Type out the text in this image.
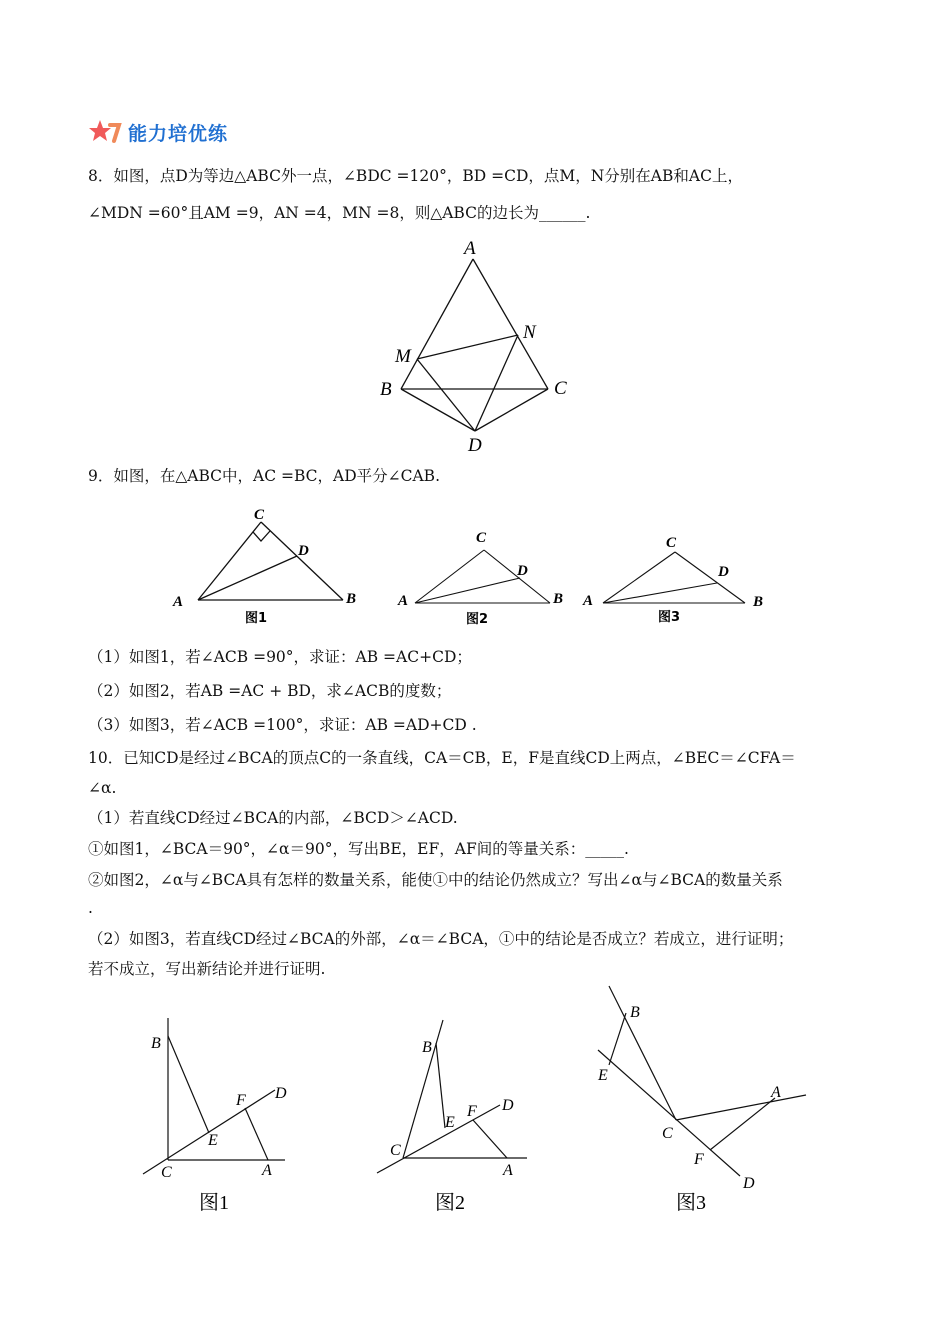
能力培优练
8．如图，点D为等边△ABC外一点，∠BDC =120°，BD =CD，点M，N分别在AB和AC上，
∠MDN =60°且AM =9，AN =4，MN =8，则△ABC的边长为______.
A
B	C
D
M
N
9．如图，在△ABC中，AC =BC，AD平分∠CAB.
C
D
A	B
图1
C
D
A	B
图2
C
D
A	B
图3
（1）如图1，若∠ACB =90°，求证：AB =AC+CD；
（2）如图2，若AB =AC + BD，求∠ACB的度数；
（3）如图3，若∠ACB =100°，求证：AB =AD+CD .
10．已知CD是经过∠BCA的顶点C的一条直线，CA＝CB，E，F是直线CD上两点，∠BEC＝∠CFA＝
∠α.
（1）若直线CD经过∠BCA的内部，∠BCD＞∠ACD.
①如图1，∠BCA＝90°，∠α＝90°，写出BE，EF，AF间的等量关系：_____.
②如图2，∠α与∠BCA具有怎样的数量关系，能使①中的结论仍然成立？写出∠α与∠BCA的数量关系
.
（2）如图3，若直线CD经过∠BCA的外部，∠α＝∠BCA，①中的结论是否成立？若成立，进行证明；
若不成立，写出新结论并进行证明.
B
C	A
E
F D
图1
B
C
A
E
F D
图2
B
E
C
A
F
D
图3
